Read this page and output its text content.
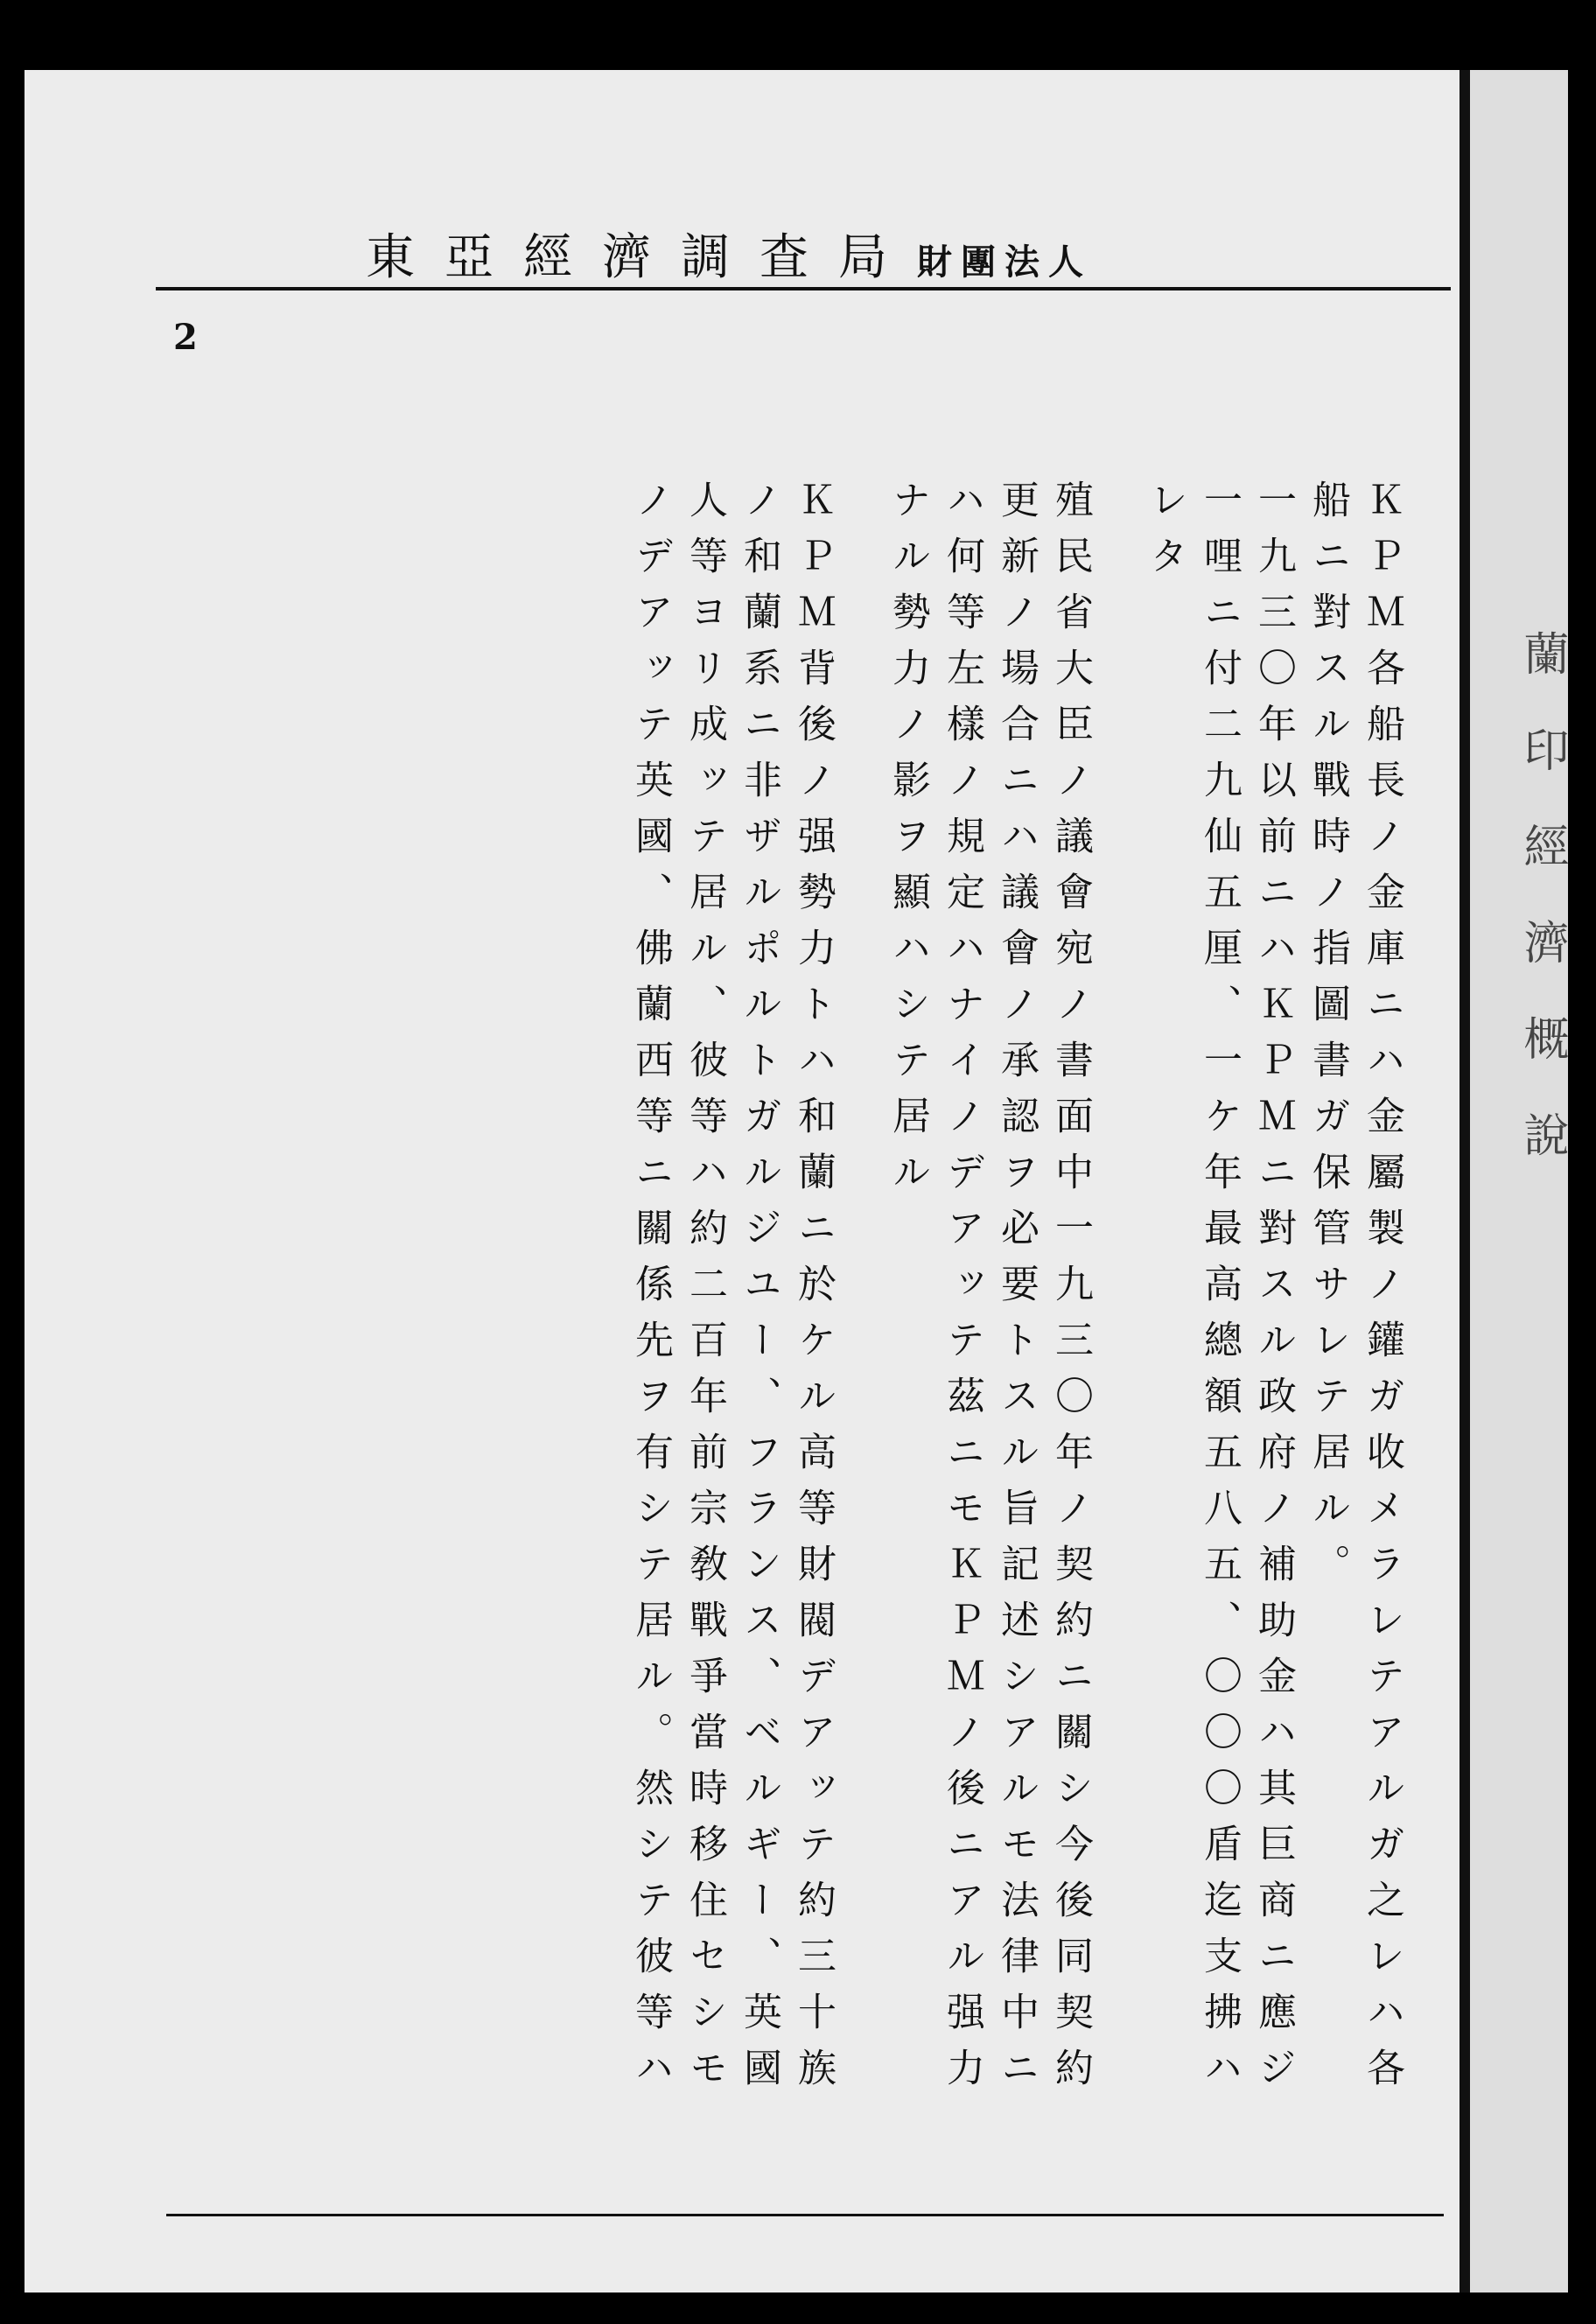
東亞經濟調査局 財團法人
2
ＫＰＭ各船長ノ金庫ニハ金屬製ノ鑵ガ收メラレテアルガ之レハ各
船ニ對スル戰時ノ指圖書ガ保管サレテ居ル。
一九三〇年以前ニハＫＰＭニ對スル政府ノ補助金ハ其巨商ニ應ジ
一哩ニ付二九仙五厘、一ケ年最高總額五八五、〇〇〇盾迄支拂ハ
レタ
殖民省大臣ノ議會宛ノ書面中一九三〇年ノ契約ニ關シ今後同契約
更新ノ場合ニハ議會ノ承認ヲ必要トスル旨記述シアルモ法律中ニ
ハ何等左樣ノ規定ハナイノデアッテ茲ニモＫＰＭノ後ニアル强力
ナル勢力ノ影ヲ顯ハシテ居ル
ＫＰＭ背後ノ强勢力トハ和蘭ニ於ケル高等財閥デアッテ約三十族
ノ和蘭系ニ非ザルポルトガルジユー、フランス、ベルギー、英國
人等ヨリ成ッテ居ル、彼等ハ約二百年前宗敎戰爭當時移住セシモ
ノデアッテ英國、佛蘭西等ニ關係先ヲ有シテ居ル。然シテ彼等ハ	蘭印經濟概說
